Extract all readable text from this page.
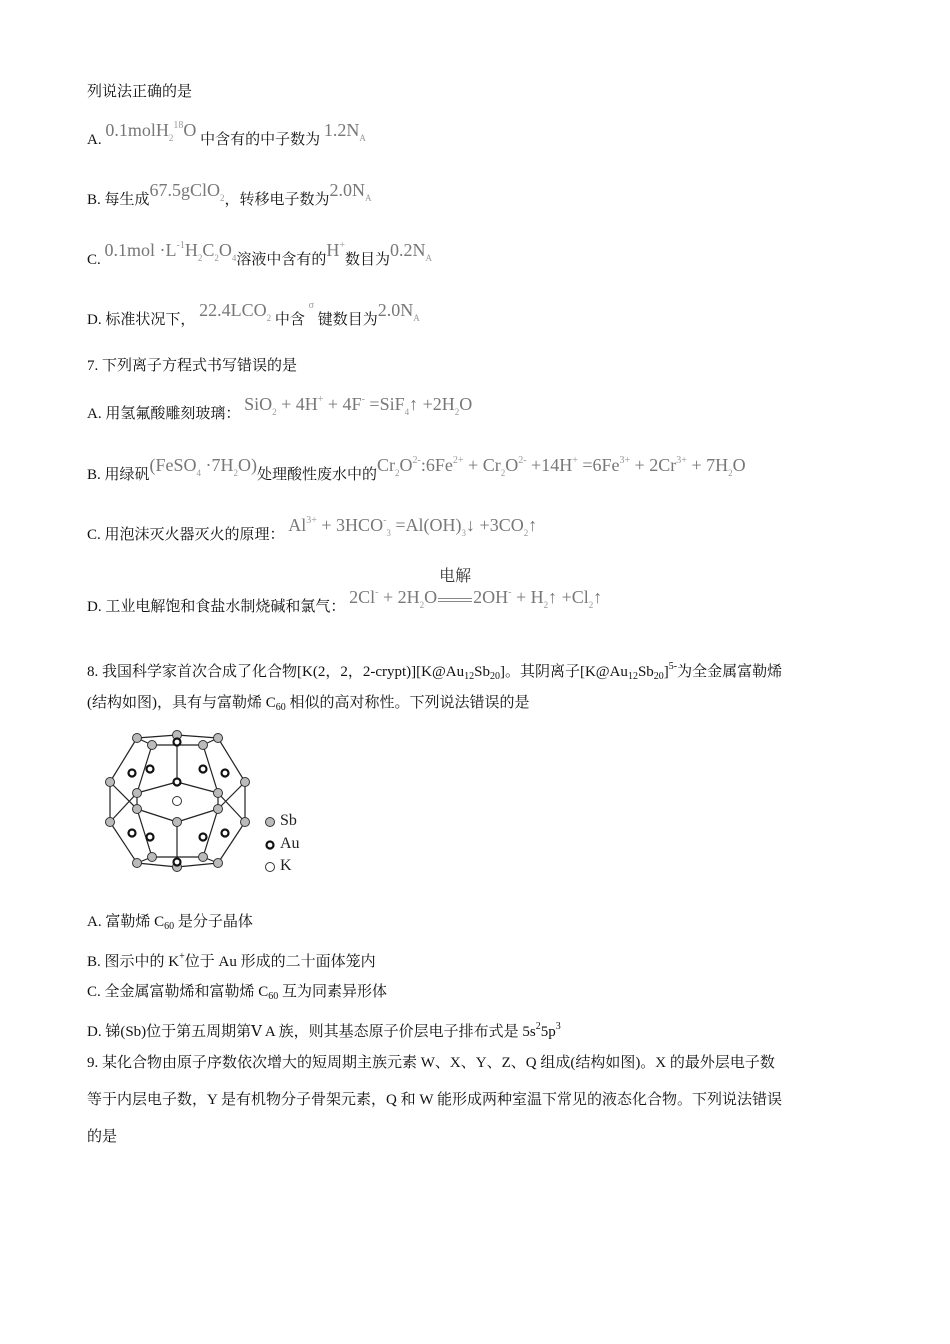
列说法正确的是
A. 0.1molH$^{218}$O 中含有的中子数为 $1.2N^A$
B. 每生成67.5gClO$^2$，转移电子数为$2.0N^A$
C. $0.1mol \cdot L^{-1}H^2C^2O^4$溶液中含有的H+数目为$0.2N^A$
D. 标准状况下， 22.4LCO$^2$ 中含 $^\sigma$ 键数目为$2.0N^A$
7. 下列离子方程式书写错误的是
A. 用氢氟酸雕刻玻璃： SiO$^2$ + 4H+ + 4F- =SiF$^4$↑ $+2H^2O$
B. 用绿矾(FeSO$^4$ $\cdot 7H^2O$)处理酸性废水中的$Cr^2O^{2-}:6Fe^{2+} + Cr^2O^{2-} +14H^+ =6Fe^{3+} + 2Cr^{3+} + 7H^2O$
C. 用泡沫灭火器灭火的原理： $Al^{3+} + 3HCO^{-3}$ =Al(OH)$^3$↓ $+3CO^2↑$
D. 工业电解饱和食盐水制烧碱和氯气： $2Cl^- + 2H^2O$
电解
$2OH^- + H^2↑$ $+Cl^2↑$
8. 我国科学家首次合成了化合物[K(2，2，$2-crypt)][K@Au_{12}Sb_{20}]$。其阴离子$[K@Au_{12}Sb_{20}]^{5-}$为全金属富勒烯
(结构如图)，具有与富勒烯 $C_{60}$ 相似的高对称性。下列说法错误的是
A. 富勒烯 $C_{60}$ 是分子晶体
B. 图示中的 K+位于 Au 形成的二十面体笼内
C. 全金属富勒烯和富勒烯 $C_{60}$ 互为同素异形体
D. 锑(Sb)位于第五周期第Ⅴ A 族，则其基态原子价层电子排布式是 $5s^25p^3$
9. 某化合物由原子序数依次增大的短周期主族元素 W、X、Y、Z、Q 组成(结构如图)。X 的最外层电子数
等于内层电子数，Y 是有机物分子骨架元素，Q 和 W 能形成两种室温下常见的液态化合物。下列说法错误
的是
Sb
Au
K
